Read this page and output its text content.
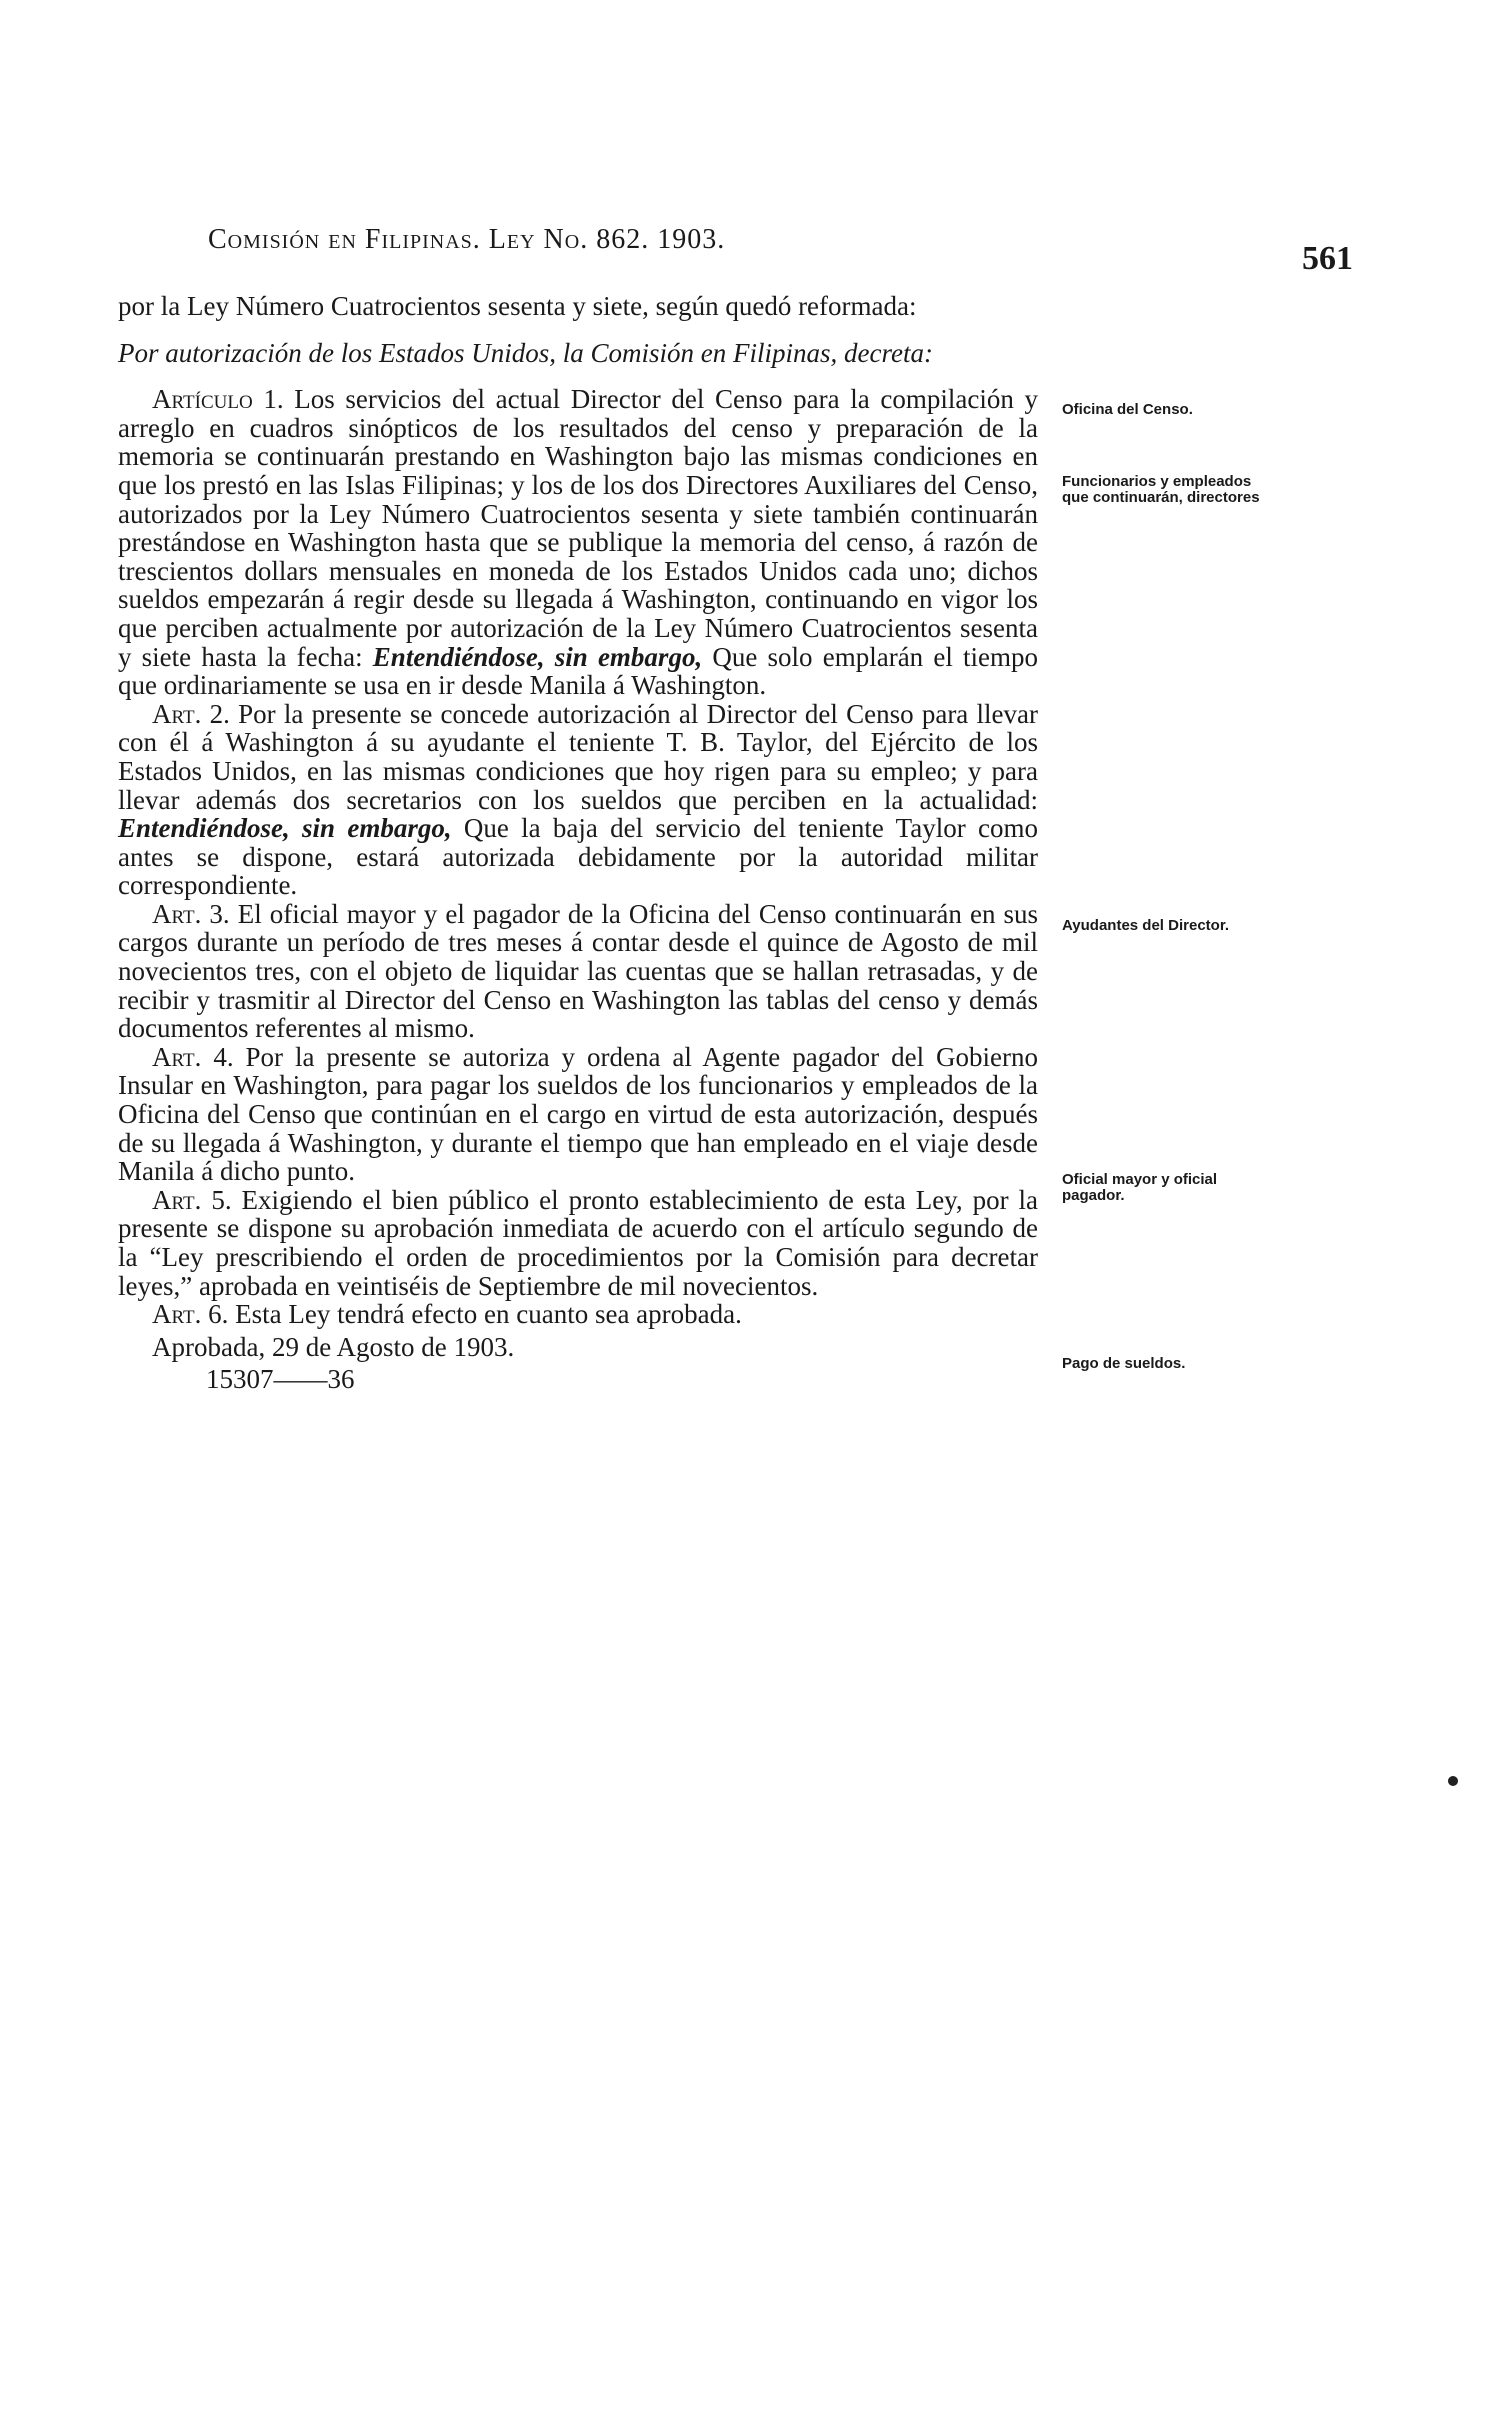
Comisión en Filipinas. Ley No. 862. 1903.
561

por la Ley Número Cuatrocientos sesenta y siete, según quedó reformada:

Por autorización de los Estados Unidos, la Comisión en Filipinas, decreta:

Artículo 1. Los servicios del actual Director del Censo para la compilación y arreglo en cuadros sinópticos de los resultados del censo y preparación de la memoria se continuarán prestando en Washington bajo las mismas condiciones en que los prestó en las Islas Filipinas; y los de los dos Directores Auxiliares del Censo, autorizados por la Ley Número Cuatrocientos sesenta y siete también continuarán prestándose en Washington hasta que se publique la memoria del censo, á razón de trescientos dollars mensuales en moneda de los Estados Unidos cada uno; dichos sueldos empezarán á regir desde su llegada á Washington, continuando en vigor los que perciben actualmente por autorización de la Ley Número Cuatrocientos sesenta y siete hasta la fecha: Entendiéndose, sin embargo, Que solo emplarán el tiempo que ordinariamente se usa en ir desde Manila á Washington.

Art. 2. Por la presente se concede autorización al Director del Censo para llevar con él á Washington á su ayudante el teniente T. B. Taylor, del Ejército de los Estados Unidos, en las mismas condiciones que hoy rigen para su empleo; y para llevar además dos secretarios con los sueldos que perciben en la actualidad: Entendiéndose, sin embargo, Que la baja del servicio del teniente Taylor como antes se dispone, estará autorizada debidamente por la autoridad militar correspondiente.

Art. 3. El oficial mayor y el pagador de la Oficina del Censo continuarán en sus cargos durante un período de tres meses á contar desde el quince de Agosto de mil novecientos tres, con el objeto de liquidar las cuentas que se hallan retrasadas, y de recibir y trasmitir al Director del Censo en Washington las tablas del censo y demás documentos referentes al mismo.

Art. 4. Por la presente se autoriza y ordena al Agente pagador del Gobierno Insular en Washington, para pagar los sueldos de los funcionarios y empleados de la Oficina del Censo que continúan en el cargo en virtud de esta autorización, después de su llegada á Washington, y durante el tiempo que han empleado en el viaje desde Manila á dicho punto.

Art. 5. Exigiendo el bien público el pronto establecimiento de esta Ley, por la presente se dispone su aprobación inmediata de acuerdo con el artículo segundo de la “Ley prescribiendo el orden de procedimientos por la Comisión para decretar leyes,” aprobada en veintiséis de Septiembre de mil novecientos.

Art. 6. Esta Ley tendrá efecto en cuanto sea aprobada.

Aprobada, 29 de Agosto de 1903.

15307——36

Oficina del Censo.
Funcionarios y empleados que continuarán, directores
Ayudantes del Director.
Oficial mayor y oficial pagador.
Pago de sueldos.
